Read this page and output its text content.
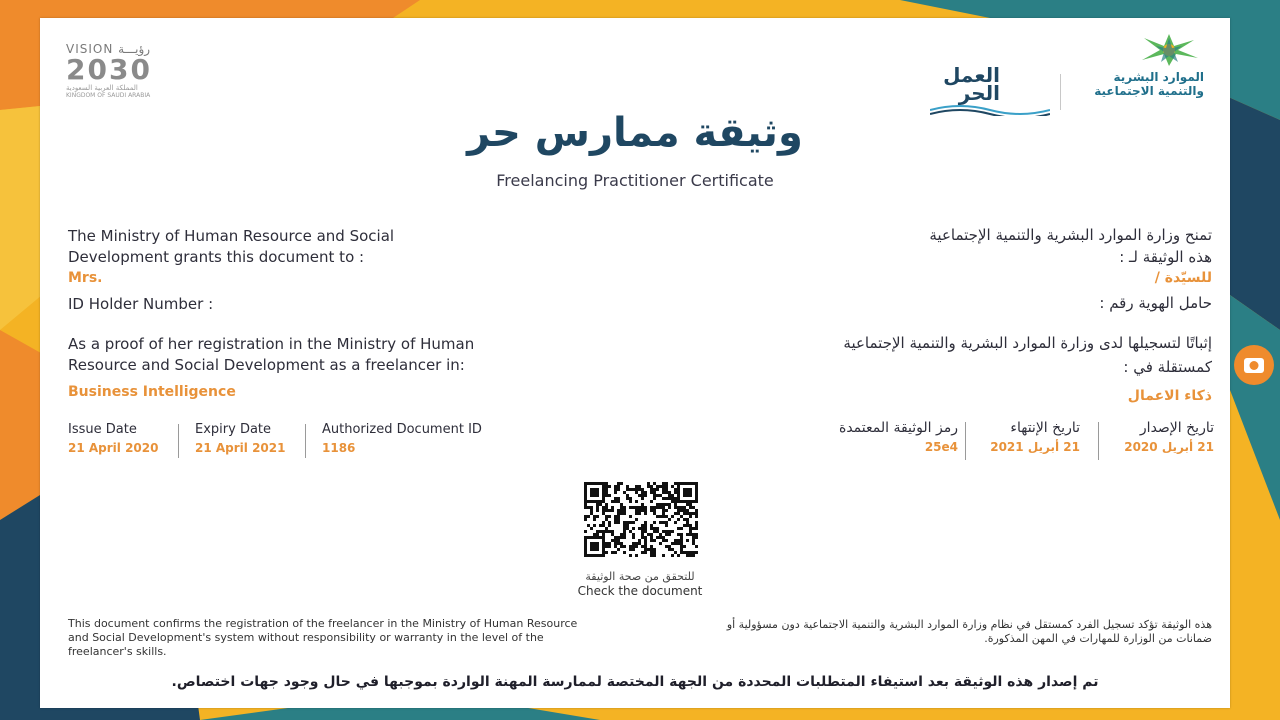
VISION رؤيـــة
2030
المملكة العربية السعودية
KINGDOM OF SAUDI ARABIA
الموارد البشرية
والتنمية الاجتماعية
العمل
الحر
وثيقة ممارس حر
Freelancing Practitioner Certificate
The Ministry of Human Resource and Social
Development grants this document to :
Mrs.
ID Holder Number :
As a proof of her registration in the Ministry of Human
Resource and Social Development as a freelancer in:
Business Intelligence
تمنح وزارة الموارد البشرية والتنمية الإجتماعية
هذه الوثيقة لـ :
للسيّدة /
حامل الهوية رقم :
إثباتًا لتسجيلها لدى وزارة الموارد البشرية والتنمية الإجتماعية
كمستقلة في :
ذكاء الاعمال
Issue Date
21 April 2020
Expiry Date
21 April 2021
Authorized Document ID
1186
تاريخ الإصدار
21 أبريل 2020
تاريخ الإنتهاء
21 أبريل 2021
رمز الوثيقة المعتمدة
25e4
للتحقق من صحة الوثيقة
Check the document
This document confirms the registration of the freelancer in the Ministry of Human Resource and Social Development's system without responsibility or warranty in the level of the freelancer's skills.
هذه الوثيقة تؤكد تسجيل الفرد كمستقل في نظام وزارة الموارد البشرية والتنمية الاجتماعية دون مسؤولية أو ضمانات من الوزارة للمهارات في المهن المذكورة.
تم إصدار هذه الوثيقة بعد استيفاء المتطلبات المحددة من الجهة المختصة لممارسة المهنة الواردة بموجبها في حال وجود جهات اختصاص.
